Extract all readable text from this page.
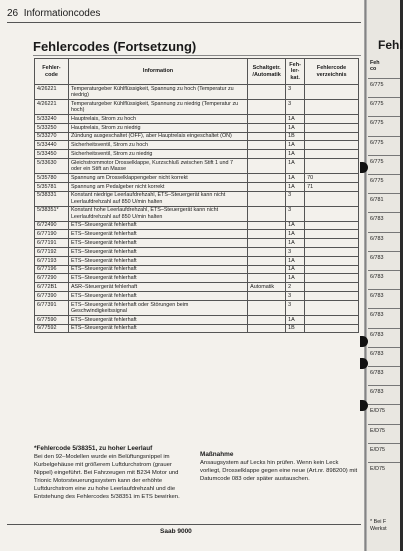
26 Informationcodes
Fehlercodes (Fortsetzung)
Fehler-code	Information	Schaltgetr. /Automatik	Feh-ler-kat.	Fehlercode verzeichnis
4/26221	Temperaturgeber Kühlflüssigkeit, Spannung zu hoch (Temperatur zu niedrig)		3	
4/26221	Temperaturgeber Kühlflüssigkeit, Spannung zu niedrig (Temperatur zu hoch)		3	
5/33240	Hauptrelais, Strom zu hoch		1A	
5/33250	Hauptrelais, Strom zu niedrig		1A	
5/33270	Zündung ausgeschaltet (OFF), aber Hauptrelais eingeschaltet (ON)		1B	
5/33440	Sicherheitsventil, Strom zu hoch		1A	
5/33450	Sicherheitsventil, Strom zu niedrig		1A	
5/33630	Gleichstrommotor Drosselklappe, Kurzschluß zwischen Stift 1 und 7 oder ein Stift an Masse		1A	
5/35780	Spannung am Drosselklappengeber nicht korrekt		1A	70
5/35781	Spannung am Pedalgeber nicht korrekt		1A	71
5/38331	Konstant niedrige Leerlaufdrehzahl, ETS–Steuergerät kann nicht Leerlaufdrehzahl auf 850 U/min halten		3	
5/38351*	Konstant hohe Leerlaufdrehzahl, ETS–Steuergerät kann nicht Leerlaufdrehzahl auf 850 U/min halten		3	
6/72490	ETS–Steuergerät fehlerhaft		1A	
6/77190	ETS–Steuergerät fehlerhaft		1A	
6/77191	ETS–Steuergerät fehlerhaft		1A	
6/77192	ETS–Steuergerät fehlerhaft		3	
6/77193	ETS–Steuergerät fehlerhaft		1A	
6/77196	ETS–Steuergerät fehlerhaft		1A	
6/77290	ETS–Steuergerät fehlerhaft		1A	
6/772B1	ASR–Steuergerät fehlerhaft	Automatik	2	
6/77390	ETS–Steuergerät fehlerhaft		3	
6/77391	ETS–Steuergerät fehlerhaft oder Störungen beim Geschwindigkeitssignal		3	
6/77590	ETS–Steuergerät fehlerhaft		1A	
6/77592	ETS–Steuergerät fehlerhaft		1B	
*Fehlercode 5/38351, zu hoher Leerlauf
Bei den 92–Modellen wurde ein Belüftungsnippel im Kurbelgehäuse mit größerem Luftdurchstrom (grauer Nippel) eingeführt. Bei Fahrzeugen mit B234 Motor und Trionic Motorsteuerungssystem kann der erhöhte Luftdurchstrom eine zu hohe Leerlaufdrehzahl und die Entstehung des Fehlercodes 5/38351 im ETS bewirken.
Maßnahme
Ansaugsystem auf Lecks hin prüfen. Wenn kein Leck vorliegt, Drosselklappe gegen eine neue (Art.nr. 898200) mit Datumcode 083 oder später austauschen.
Saab 9000
Fehl
Feh
co
6/775
6/775
6/775
6/775
6/775
6/775
6/781
6/783
6/783
6/783
6/783
6/783
6/783
6/783
6/783
6/783
6/783
E/D75
E/D75
E/D75
E/D75
* Bei F
Werkst
